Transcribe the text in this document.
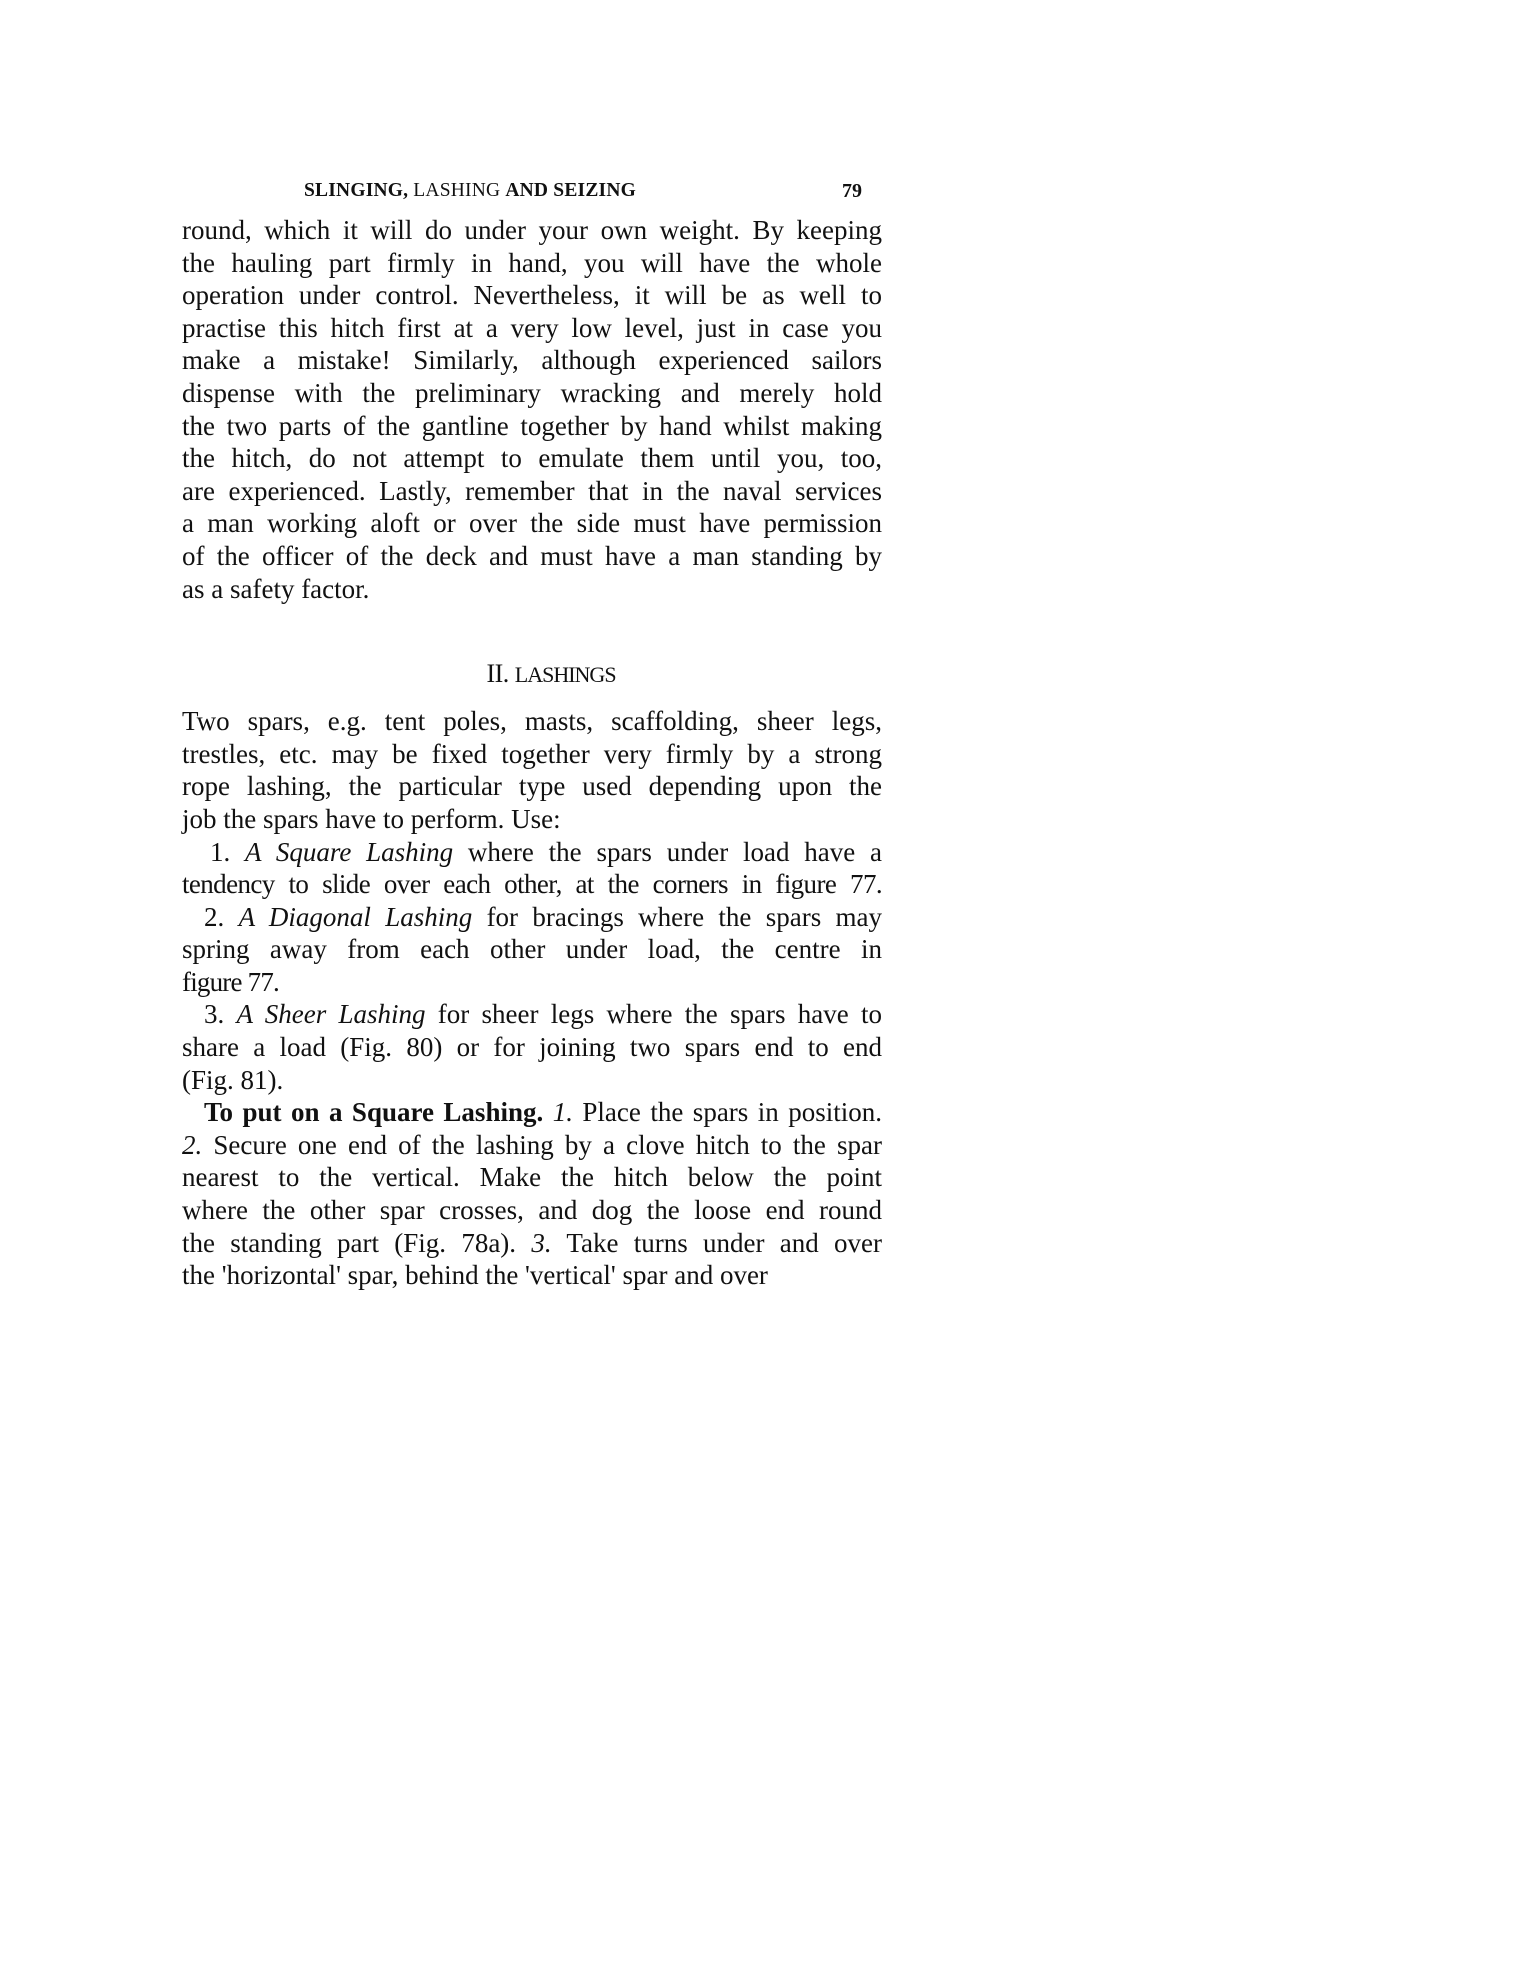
SLINGING, LASHING AND SEIZING	79
round, which it will do under your own weight. By keeping
the hauling part firmly in hand, you will have the whole
operation under control. Nevertheless, it will be as well to
practise this hitch first at a very low level, just in case you
make a mistake! Similarly, although experienced sailors
dispense with the preliminary wracking and merely hold
the two parts of the gantline together by hand whilst making
the hitch, do not attempt to emulate them until you, too,
are experienced. Lastly, remember that in the naval services
a man working aloft or over the side must have permission
of the officer of the deck and must have a man standing by
as a safety factor.
II. LASHINGS
Two spars, e.g. tent poles, masts, scaffolding, sheer legs,
trestles, etc. may be fixed together very firmly by a strong
rope lashing, the particular type used depending upon the
job the spars have to perform. Use:
1. A Square Lashing where the spars under load have a
tendency to slide over each other, at the corners in figure 77.
2. A Diagonal Lashing for bracings where the spars may
spring away from each other under load, the centre in
figure 77.
3. A Sheer Lashing for sheer legs where the spars have to
share a load (Fig. 80) or for joining two spars end to end
(Fig. 81).
To put on a Square Lashing. 1. Place the spars in position.
2. Secure one end of the lashing by a clove hitch to the spar
nearest to the vertical. Make the hitch below the point
where the other spar crosses, and dog the loose end round
the standing part (Fig. 78a). 3. Take turns under and over
the 'horizontal' spar, behind the 'vertical' spar and over
